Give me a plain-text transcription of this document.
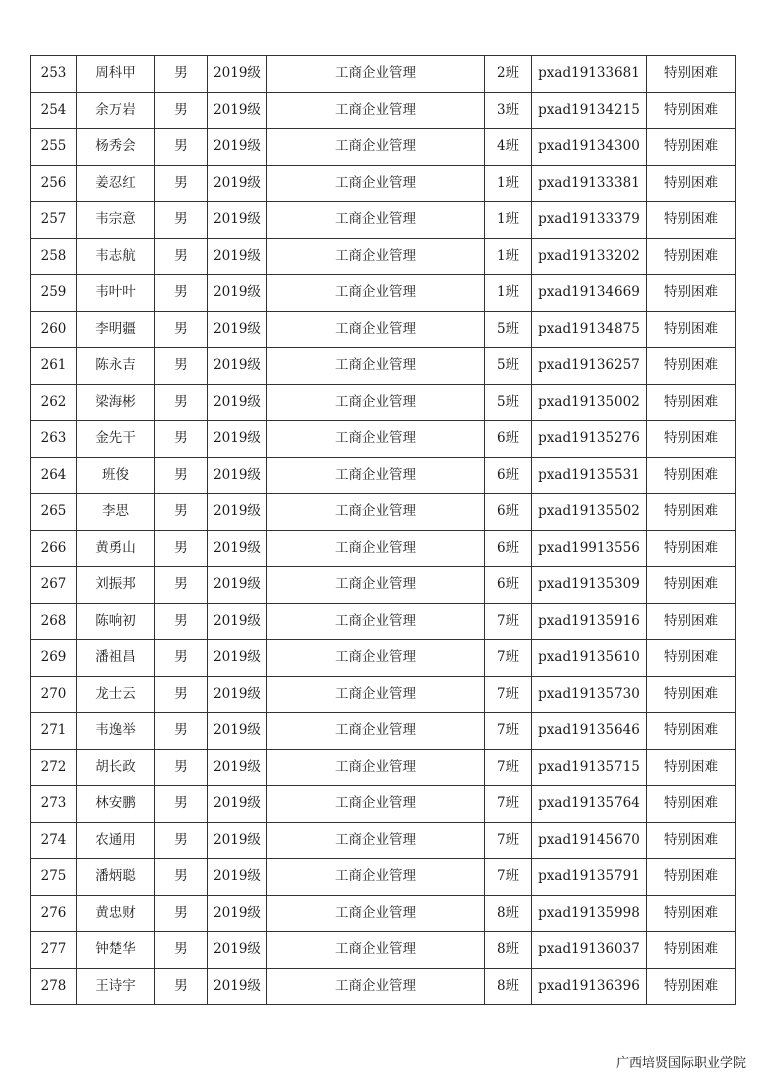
253	周科甲	男	2019级	工商企业管理	2班	pxad19133681	特别困难
254	余万岩	男	2019级	工商企业管理	3班	pxad19134215	特别困难
255	杨秀会	男	2019级	工商企业管理	4班	pxad19134300	特别困难
256	姜忍红	男	2019级	工商企业管理	1班	pxad19133381	特别困难
257	韦宗意	男	2019级	工商企业管理	1班	pxad19133379	特别困难
258	韦志航	男	2019级	工商企业管理	1班	pxad19133202	特别困难
259	韦叶叶	男	2019级	工商企业管理	1班	pxad19134669	特别困难
260	李明疆	男	2019级	工商企业管理	5班	pxad19134875	特别困难
261	陈永吉	男	2019级	工商企业管理	5班	pxad19136257	特别困难
262	梁海彬	男	2019级	工商企业管理	5班	pxad19135002	特别困难
263	金先干	男	2019级	工商企业管理	6班	pxad19135276	特别困难
264	班俊	男	2019级	工商企业管理	6班	pxad19135531	特别困难
265	李思	男	2019级	工商企业管理	6班	pxad19135502	特别困难
266	黄勇山	男	2019级	工商企业管理	6班	pxad19913556	特别困难
267	刘振邦	男	2019级	工商企业管理	6班	pxad19135309	特别困难
268	陈响初	男	2019级	工商企业管理	7班	pxad19135916	特别困难
269	潘祖昌	男	2019级	工商企业管理	7班	pxad19135610	特别困难
270	龙士云	男	2019级	工商企业管理	7班	pxad19135730	特别困难
271	韦逸举	男	2019级	工商企业管理	7班	pxad19135646	特别困难
272	胡长政	男	2019级	工商企业管理	7班	pxad19135715	特别困难
273	林安鹏	男	2019级	工商企业管理	7班	pxad19135764	特别困难
274	农通用	男	2019级	工商企业管理	7班	pxad19145670	特别困难
275	潘炳聪	男	2019级	工商企业管理	7班	pxad19135791	特别困难
276	黄忠财	男	2019级	工商企业管理	8班	pxad19135998	特别困难
277	钟楚华	男	2019级	工商企业管理	8班	pxad19136037	特别困难
278	王诗宇	男	2019级	工商企业管理	8班	pxad19136396	特别困难
广西培贤国际职业学院
